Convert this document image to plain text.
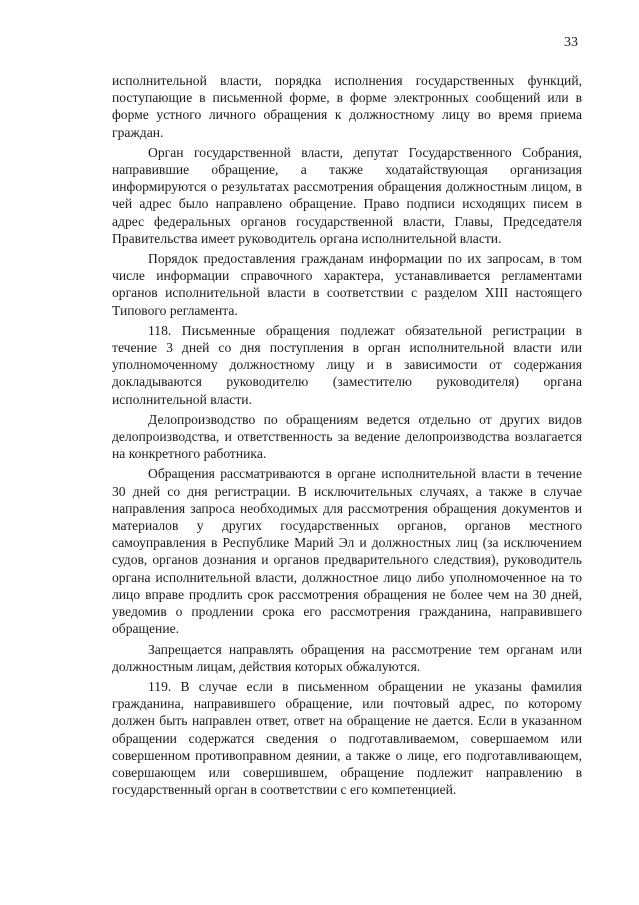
33

исполнительной власти, порядка исполнения государственных функций, поступающие в письменной форме, в форме электронных сообщений или в форме устного личного обращения к должностному лицу во время приема граждан.

Орган государственной власти, депутат Государственного Собрания, направившие обращение, а также ходатайствующая организация информируются о результатах рассмотрения обращения должностным лицом, в чей адрес было направлено обращение. Право подписи исходящих писем в адрес федеральных органов государственной власти, Главы, Председателя Правительства имеет руководитель органа исполнительной власти.

Порядок предоставления гражданам информации по их запросам, в том числе информации справочного характера, устанавливается регламентами органов исполнительной власти в соответствии с разделом XIII настоящего Типового регламента.

118. Письменные обращения подлежат обязательной регистрации в течение 3 дней со дня поступления в орган исполнительной власти или уполномоченному должностному лицу и в зависимости от содержания докладываются руководителю (заместителю руководителя) органа исполнительной власти.

Делопроизводство по обращениям ведется отдельно от других видов делопроизводства, и ответственность за ведение делопроизводства возлагается на конкретного работника.

Обращения рассматриваются в органе исполнительной власти в течение 30 дней со дня регистрации. В исключительных случаях, а также в случае направления запроса необходимых для рассмотрения обращения документов и материалов у других государственных органов, органов местного самоуправления в Республике Марий Эл и должностных лиц (за исключением судов, органов дознания и органов предварительного следствия), руководитель органа исполнительной власти, должностное лицо либо уполномоченное на то лицо вправе продлить срок рассмотрения обращения не более чем на 30 дней, уведомив о продлении срока его рассмотрения гражданина, направившего обращение.

Запрещается направлять обращения на рассмотрение тем органам или должностным лицам, действия которых обжалуются.

119. В случае если в письменном обращении не указаны фамилия гражданина, направившего обращение, или почтовый адрес, по которому должен быть направлен ответ, ответ на обращение не дается. Если в указанном обращении содержатся сведения о подготавливаемом, совершаемом или совершенном противоправном деянии, а также о лице, его подготавливающем, совершающем или совершившем, обращение подлежит направлению в государственный орган в соответствии с его компетенцией.
